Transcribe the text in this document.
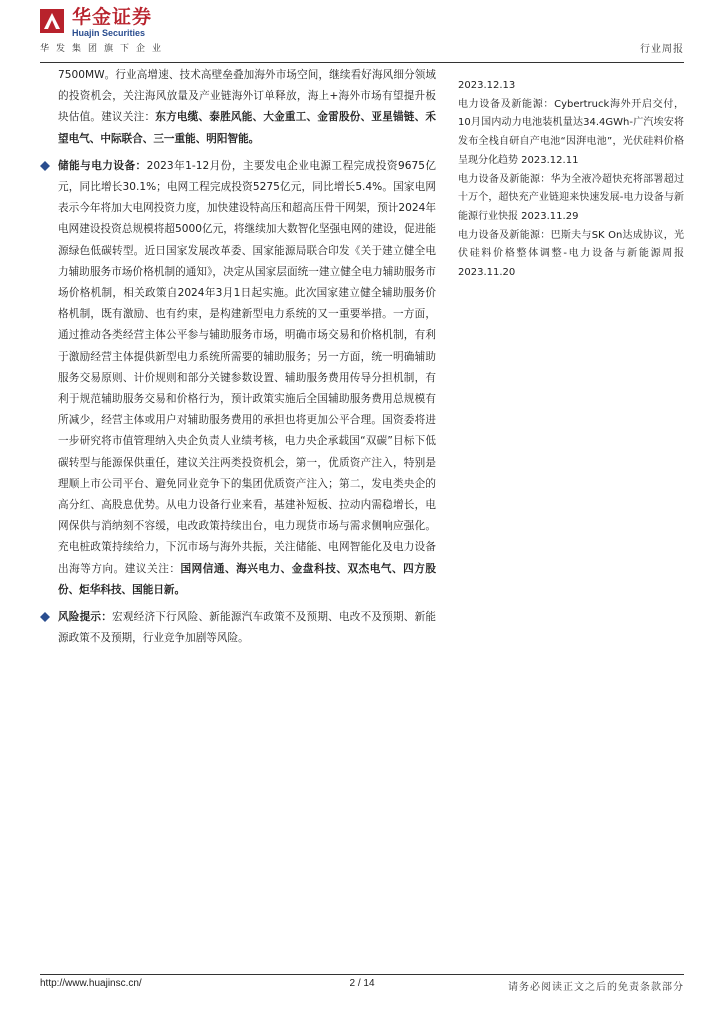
华金证券
Huajin Securities
华发集团旗下企业	行业周报

7500MW。行业高增速、技术高壁垒叠加海外市场空间，继续看好海风细分领域的投资机会，关注海风放量及产业链海外订单释放，海上+海外市场有望提升板块估值。建议关注：东方电缆、泰胜风能、大金重工、金雷股份、亚星锚链、禾望电气、中际联合、三一重能、明阳智能。

储能与电力设备：2023年1-12月份，主要发电企业电源工程完成投资9675亿元，同比增长30.1%；电网工程完成投资5275亿元，同比增长5.4%。国家电网表示今年将加大电网投资力度，加快建设特高压和超高压骨干网架，预计2024年电网建设投资总规模将超5000亿元，将继续加大数智化坚强电网的建设，促进能源绿色低碳转型。近日国家发展改革委、国家能源局联合印发《关于建立健全电力辅助服务市场价格机制的通知》，决定从国家层面统一建立健全电力辅助服务市场价格机制，相关政策自2024年3月1日起实施。此次国家建立健全辅助服务价格机制，既有激励、也有约束，是构建新型电力系统的又一重要举措。一方面，通过推动各类经营主体公平参与辅助服务市场，明确市场交易和价格机制，有利于激励经营主体提供新型电力系统所需要的辅助服务；另一方面，统一明确辅助服务交易原则、计价规则和部分关键参数设置、辅助服务费用传导分担机制，有利于规范辅助服务交易和价格行为，预计政策实施后全国辅助服务费用总规模有所减少，经营主体或用户对辅助服务费用的承担也将更加公平合理。国资委将进一步研究将市值管理纳入央企负责人业绩考核，电力央企承载国“双碳”目标下低碳转型与能源保供重任，建议关注两类投资机会，第一，优质资产注入，特别是理顺上市公司平台、避免同业竞争下的集团优质资产注入；第二，发电类央企的高分红、高股息优势。从电力设备行业来看，基建补短板、拉动内需稳增长，电网保供与消纳刻不容缓，电改政策持续出台，电力现货市场与需求侧响应强化。充电桩政策持续给力，下沉市场与海外共振，关注储能、电网智能化及电力设备出海等方向。建议关注：国网信通、海兴电力、金盘科技、双杰电气、四方股份、炬华科技、国能日新。

风险提示：宏观经济下行风险、新能源汽车政策不及预期、电改不及预期、新能源政策不及预期，行业竞争加剧等风险。

2023.12.13
电力设备及新能源：Cybertruck海外开启交付，10月国内动力电池装机量达34.4GWh-广汽埃安将发布全栈自研自产电池“因湃电池”，光伏硅料价格呈现分化趋势 2023.12.11
电力设备及新能源：华为全液冷超快充将部署超过十万个，超快充产业链迎来快速发展-电力设备与新能源行业快报 2023.11.29
电力设备及新能源：巴斯夫与SK On达成协议，光伏硅料价格整体调整-电力设备与新能源周报 2023.11.20
http://www.huajinsc.cn/	2 / 14	请务必阅读正文之后的免责条款部分
